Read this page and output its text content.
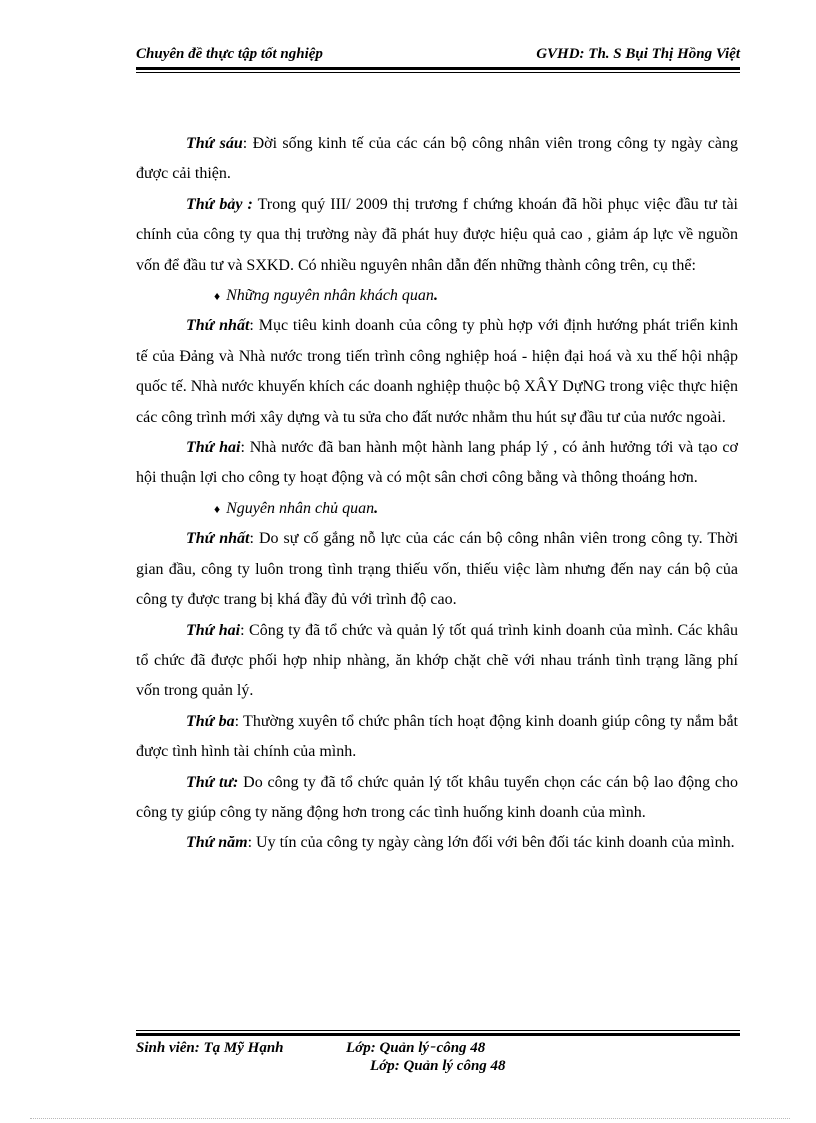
Chuyên đề thực tập tốt nghiệp	GVHD: Th. S Bụi Thị Hồng Việt

Thứ sáu: Đời sống kinh tế của các cán bộ công nhân viên trong công ty ngày càng được cải thiện.

Thứ bảy : Trong quý III/ 2009 thị trương f chứng khoán đã hồi phục việc đầu tư tài chính của công ty qua thị trường này đã phát huy được hiệu quả cao , giảm áp lực về nguồn vốn để đầu tư và SXKD. Có nhiều nguyên nhân dẫn đến những thành công trên, cụ thể:

♦ Những nguyên nhân khách quan.

Thứ nhất: Mục tiêu kinh doanh của công ty phù hợp với định hướng phát triển kinh tế của Đảng và Nhà nước trong tiến trình công nghiệp hoá - hiện đại hoá và xu thế hội nhập quốc tế. Nhà nước khuyến khích các doanh nghiệp thuộc bộ XÂY DựNG trong việc thực hiện các công trình mới xây dựng và tu sửa cho đất nước nhằm thu hút sự đầu tư của nước ngoài.

Thứ hai: Nhà nước đã ban hành một hành lang pháp lý , có ảnh hưởng tới và tạo cơ hội thuận lợi cho công ty hoạt động và có một sân chơi công bằng và thông thoáng hơn.

♦ Nguyên nhân chủ quan.

Thứ nhất: Do sự cố gắng nỗ lực của các cán bộ công nhân viên trong công ty. Thời gian đầu, công ty luôn trong tình trạng thiếu vốn, thiếu việc làm nhưng đến nay cán bộ của công ty được trang bị khá đầy đủ với trình độ cao.

Thứ hai: Công ty đã tổ chức và quản lý tốt quá trình kinh doanh của mình. Các khâu tổ chức đã được phối hợp nhip nhàng, ăn khớp chặt chẽ với nhau tránh tình trạng lãng phí vốn trong quản lý.

Thứ ba: Thường xuyên tổ chức phân tích hoạt động kinh doanh giúp công ty nắm bắt được tình hình tài chính của mình.

Thứ tư: Do công ty đã tổ chức quản lý tốt khâu tuyển chọn các cán bộ lao động cho công ty giúp công ty năng động hơn trong các tình huống kinh doanh của mình.

Thứ năm: Uy tín của công ty ngày càng lớn đối với bên đối tác kinh doanh của mình.

Sinh viên: Tạ Mỹ Hạnh	Lớp: Quản lý ̵ công 48
Lớp: Quản lý công 48
